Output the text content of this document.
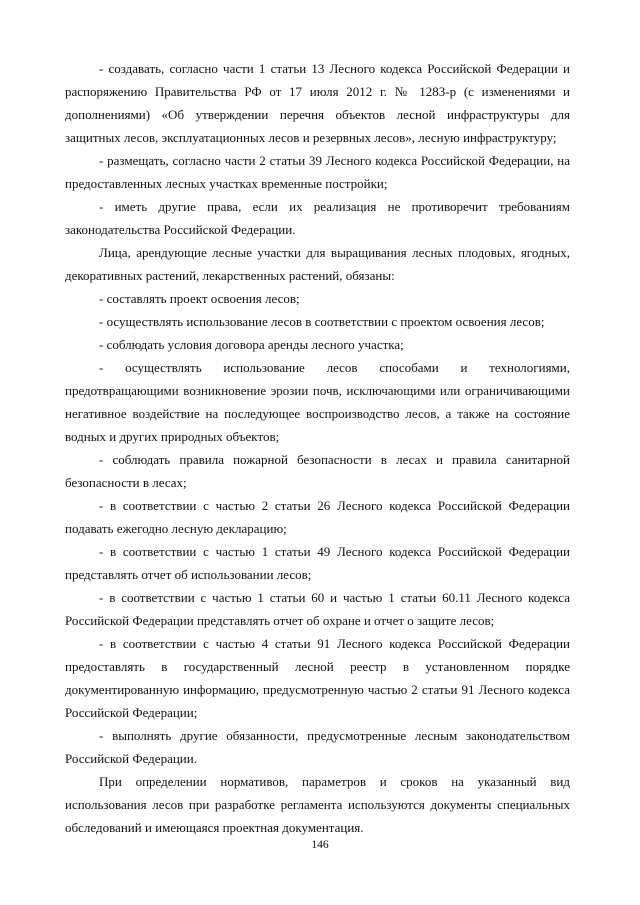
- создавать, согласно части 1 статьи 13 Лесного кодекса Российской Федерации и распоряжению Правительства РФ от 17 июля 2012 г. № 1283-р (с изменениями и дополнениями) «Об утверждении перечня объектов лесной инфраструктуры для защитных лесов, эксплуатационных лесов и резервных лесов», лесную инфраструктуру;

- размещать, согласно части 2 статьи 39 Лесного кодекса Российской Федерации, на предоставленных лесных участках временные постройки;

- иметь другие права, если их реализация не противоречит требованиям законодательства Российской Федерации.

Лица, арендующие лесные участки для выращивания лесных плодовых, ягодных, декоративных растений, лекарственных растений, обязаны:

- составлять проект освоения лесов;

- осуществлять использование лесов в соответствии с проектом освоения лесов;

- соблюдать условия договора аренды лесного участка;

- осуществлять использование лесов способами и технологиями, предотвращающими возникновение эрозии почв, исключающими или ограничивающими негативное воздействие на последующее воспроизводство лесов, а также на состояние водных и других природных объектов;

- соблюдать правила пожарной безопасности в лесах и правила санитарной безопасности в лесах;

- в соответствии с частью 2 статьи 26 Лесного кодекса Российской Федерации подавать ежегодно лесную декларацию;

- в соответствии с частью 1 статьи 49 Лесного кодекса Российской Федерации представлять отчет об использовании лесов;

- в соответствии с частью 1 статьи 60 и частью 1 статьи 60.11 Лесного кодекса Российской Федерации представлять отчет об охране и отчет о защите лесов;

- в соответствии с частью 4 статьи 91 Лесного кодекса Российской Федерации предоставлять в государственный лесной реестр в установленном порядке документированную информацию, предусмотренную частью 2 статьи 91 Лесного кодекса Российской Федерации;

- выполнять другие обязанности, предусмотренные лесным законодательством Российской Федерации.

При определении нормативов, параметров и сроков на указанный вид использования лесов при разработке регламента используются документы специальных обследований и имеющаяся проектная документация.

146
